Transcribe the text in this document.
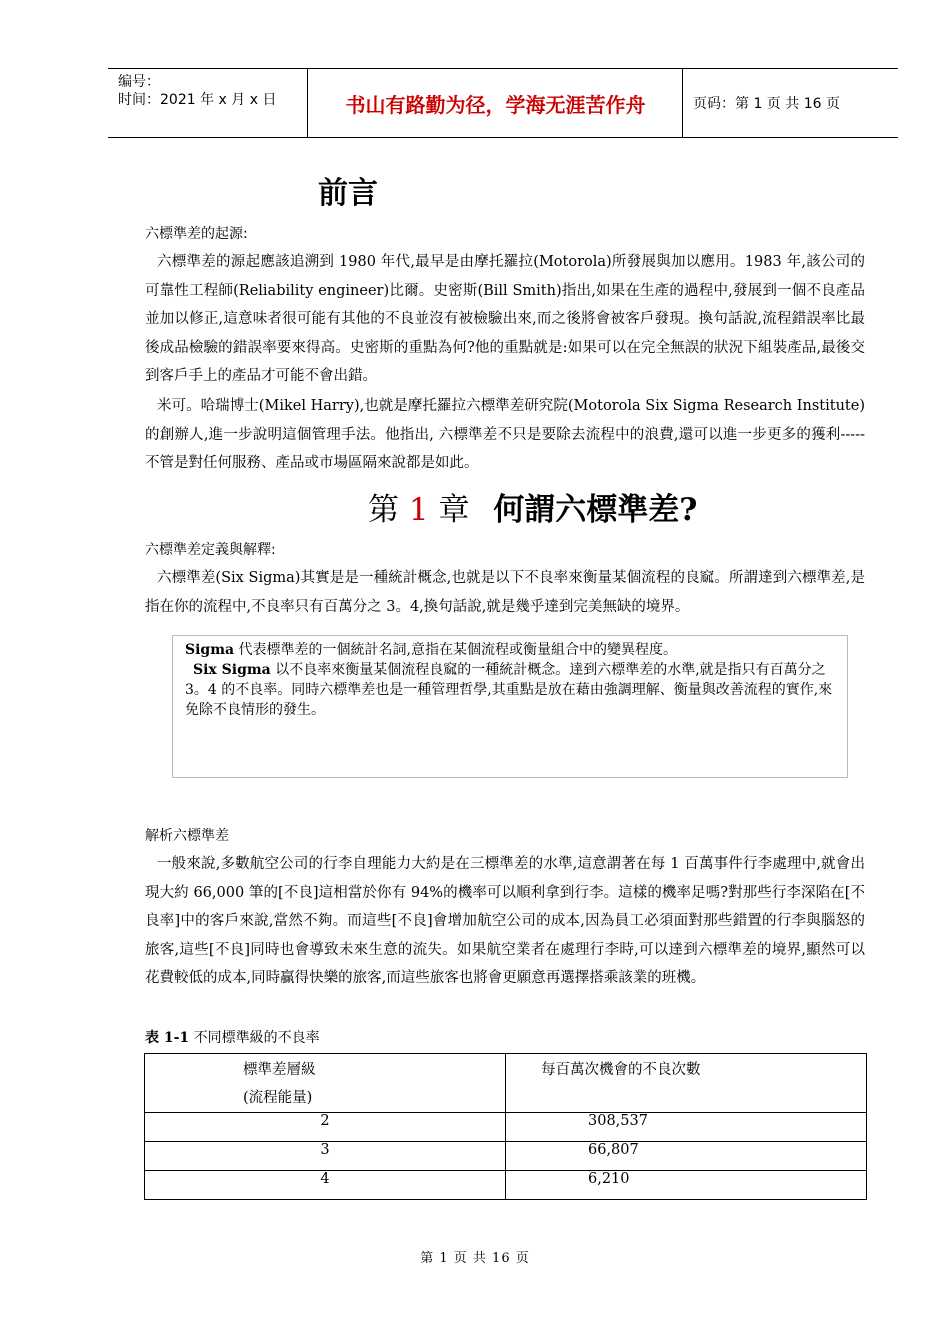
编号：
时间：2021 年 x 月 x 日	书山有路勤为径，学海无涯苦作舟	页码：第 1 页 共 16 页
前言
六標準差的起源:
六標準差的源起應該追溯到 1980 年代,最早是由摩托羅拉(Motorola)所發展與加以應用。1983 年,該公司的可靠性工程師(Reliability engineer)比爾。史密斯(Bill Smith)指出,如果在生產的過程中,發展到一個不良產品並加以修正,這意味者很可能有其他的不良並沒有被檢驗出來,而之後將會被客戶發現。換句話說,流程錯誤率比最後成品檢驗的錯誤率要來得高。史密斯的重點為何?他的重點就是:如果可以在完全無誤的狀況下組裝產品,最後交到客戶手上的產品才可能不會出錯。
米可。哈瑞博士(Mikel Harry),也就是摩托羅拉六標準差研究院(Motorola Six Sigma Research Institute)的創辦人,進一步說明這個管理手法。他指出, 六標準差不只是要除去流程中的浪費,還可以進一步更多的獲利-----不管是對任何服務、產品或市場區隔來說都是如此。
第 1 章 何謂六標準差?
六標準差定義與解釋:
六標準差(Six Sigma)其實是是一種統計概念,也就是以下不良率來衡量某個流程的良窳。所謂達到六標準差,是指在你的流程中,不良率只有百萬分之 3。4,換句話說,就是幾乎達到完美無缺的境界。
Sigma 代表標準差的一個統計名詞,意指在某個流程或衡量組合中的變異程度。
Six Sigma 以不良率來衡量某個流程良窳的一種統計概念。達到六標準差的水準,就是指只有百萬分之 3。4 的不良率。同時六標準差也是一種管理哲學,其重點是放在藉由強調理解、衡量與改善流程的實作,來免除不良情形的發生。
解析六標準差
一般來說,多數航空公司的行李自理能力大約是在三標準差的水準,這意謂著在每 1 百萬事件行李處理中,就會出現大約 66,000 筆的[不良]這相當於你有 94%的機率可以順利拿到行李。這樣的機率足嗎?對那些行李深陷在[不良率]中的客戶來說,當然不夠。而這些[不良]會增加航空公司的成本,因為員工必須面對那些錯置的行李與腦怒的旅客,這些[不良]同時也會導致未來生意的流失。如果航空業者在處理行李時,可以達到六標準差的境界,顯然可以花費較低的成本,同時贏得快樂的旅客,而這些旅客也將會更願意再選擇搭乘該業的班機。
表 1-1 不同標準級的不良率
標準差層級
(流程能量)	每百萬次機會的不良次數

2	308,537
3	66,807
4	6,210
第 1 页 共 16 页
